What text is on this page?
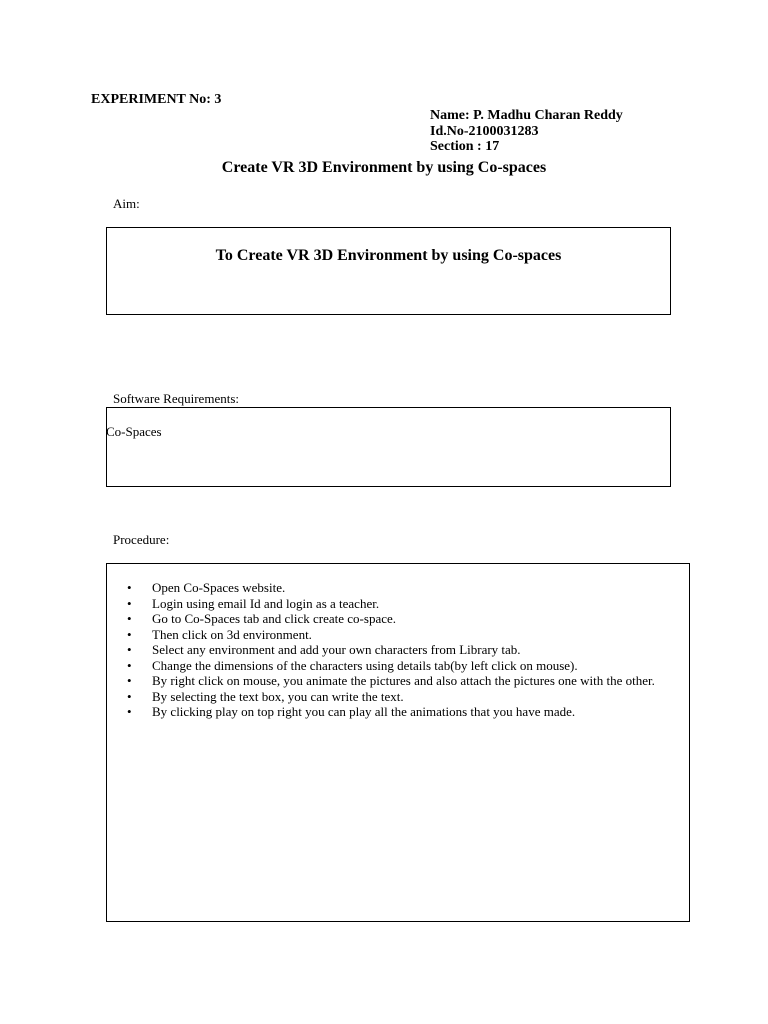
EXPERIMENT No: 3
Name: P. Madhu Charan Reddy
Id.No-2100031283
Section : 17
Create VR 3D Environment by using Co-spaces
Aim:
To Create VR 3D Environment by using Co-spaces
Software Requirements:
Co-Spaces
Procedure:
• Open Co-Spaces website.
• Login using email Id and login as a teacher.
• Go to Co-Spaces tab and click create co-space.
• Then click on 3d environment.
• Select any environment and add your own characters from Library tab.
• Change the dimensions of the characters using details tab(by left click on mouse).
• By right click on mouse, you animate the pictures and also attach the pictures one with the other.
• By selecting the text box, you can write the text.
• By clicking play on top right you can play all the animations that you have made.
